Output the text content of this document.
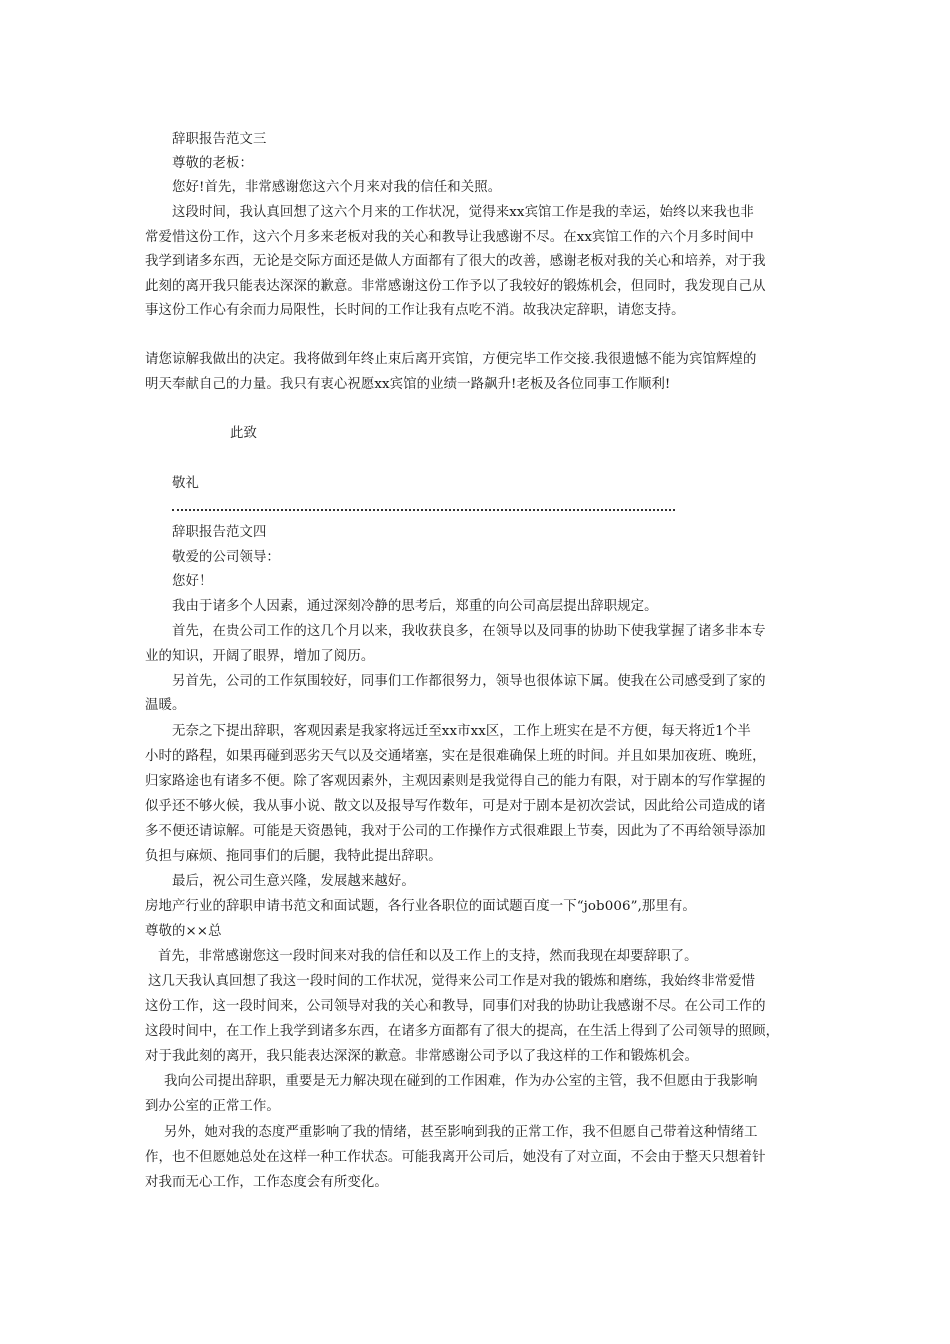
辞职报告范文三
尊敬的老板：
您好!首先，非常感谢您这六个月来对我的信任和关照。
这段时间，我认真回想了这六个月来的工作状况，觉得来xx宾馆工作是我的幸运，始终以来我也非
常爱惜这份工作，这六个月多来老板对我的关心和教导让我感谢不尽。在xx宾馆工作的六个月多时间中
我学到诸多东西，无论是交际方面还是做人方面都有了很大的改善，感谢老板对我的关心和培养，对于我
此刻的离开我只能表达深深的歉意。非常感谢这份工作予以了我较好的锻炼机会，但同时，我发现自己从
事这份工作心有余而力局限性，长时间的工作让我有点吃不消。故我决定辞职，请您支持。
请您谅解我做出的决定。我将做到年终止束后离开宾馆，方便完毕工作交接.我很遗憾不能为宾馆辉煌的
明天奉献自己的力量。我只有衷心祝愿xx宾馆的业绩一路飙升!老板及各位同事工作顺利!
此致
敬礼
辞职报告范文四
敬爱的公司领导：
您好！
我由于诸多个人因素，通过深刻冷静的思考后，郑重的向公司高层提出辞职规定。
首先，在贵公司工作的这几个月以来，我收获良多，在领导以及同事的协助下使我掌握了诸多非本专
业的知识，开阔了眼界，增加了阅历。
另首先，公司的工作氛围较好，同事们工作都很努力，领导也很体谅下属。使我在公司感受到了家的
温暖。
无奈之下提出辞职，客观因素是我家将远迁至xx市xx区，工作上班实在是不方便，每天将近1个半
小时的路程，如果再碰到恶劣天气以及交通堵塞，实在是很难确保上班的时间。并且如果加夜班、晚班，
归家路途也有诸多不便。除了客观因素外，主观因素则是我觉得自己的能力有限，对于剧本的写作掌握的
似乎还不够火候，我从事小说、散文以及报导写作数年，可是对于剧本是初次尝试，因此给公司造成的诸
多不便还请谅解。可能是天资愚钝，我对于公司的工作操作方式很难跟上节奏，因此为了不再给领导添加
负担与麻烦、拖同事们的后腿，我特此提出辞职。
最后，祝公司生意兴隆，发展越来越好。
房地产行业的辞职申请书范文和面试题，各行业各职位的面试题百度一下“job006”,那里有。
尊敬的××总
首先，非常感谢您这一段时间来对我的信任和以及工作上的支持，然而我现在却要辞职了。
这几天我认真回想了我这一段时间的工作状况，觉得来公司工作是对我的锻炼和磨练，我始终非常爱惜
这份工作，这一段时间来，公司领导对我的关心和教导，同事们对我的协助让我感谢不尽。在公司工作的
这段时间中，在工作上我学到诸多东西，在诸多方面都有了很大的提高，在生活上得到了公司领导的照顾，
对于我此刻的离开，我只能表达深深的歉意。非常感谢公司予以了我这样的工作和锻炼机会。
我向公司提出辞职，重要是无力解决现在碰到的工作困难，作为办公室的主管，我不但愿由于我影响
到办公室的正常工作。
另外，她对我的态度严重影响了我的情绪，甚至影响到我的正常工作，我不但愿自己带着这种情绪工
作，也不但愿她总处在这样一种工作状态。可能我离开公司后，她没有了对立面，不会由于整天只想着针
对我而无心工作，工作态度会有所变化。
